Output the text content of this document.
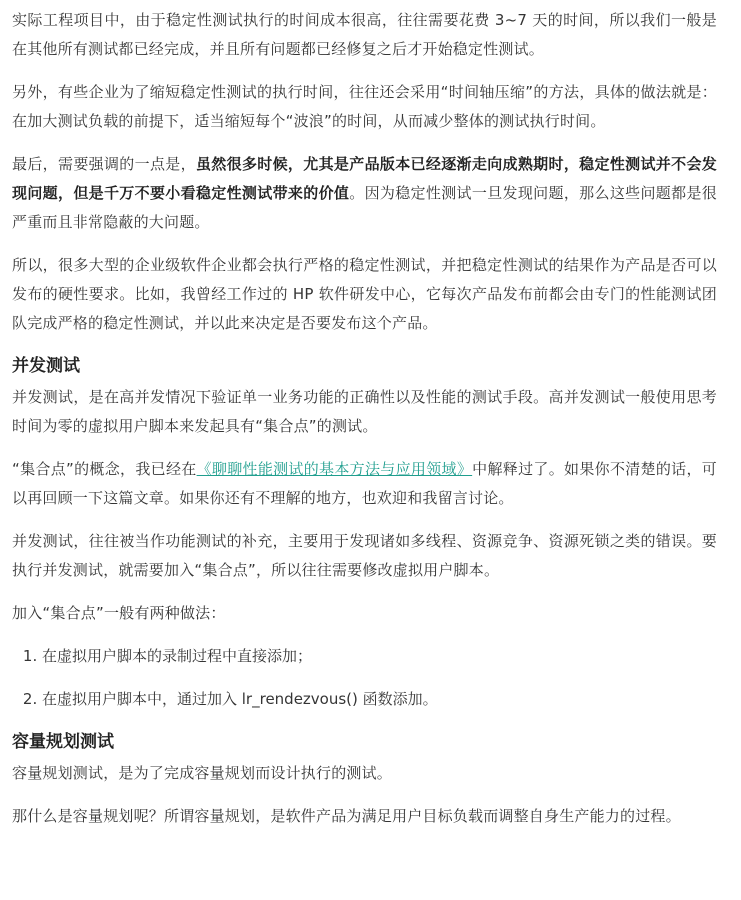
实际工程项目中，由于稳定性测试执行的时间成本很高，往往需要花费 3~7 天的时间，所以我们一般是在其他所有测试都已经完成，并且所有问题都已经修复之后才开始稳定性测试。

另外，有些企业为了缩短稳定性测试的执行时间，往往还会采用“时间轴压缩”的方法，具体的做法就是：在加大测试负载的前提下，适当缩短每个“波浪”的时间，从而减少整体的测试执行时间。

最后，需要强调的一点是，虽然很多时候，尤其是产品版本已经逐渐走向成熟期时，稳定性测试并不会发现问题，但是千万不要小看稳定性测试带来的价值。因为稳定性测试一旦发现问题，那么这些问题都是很严重而且非常隐蔽的大问题。

所以，很多大型的企业级软件企业都会执行严格的稳定性测试，并把稳定性测试的结果作为产品是否可以发布的硬性要求。比如，我曾经工作过的 HP 软件研发中心，它每次产品发布前都会由专门的性能测试团队完成严格的稳定性测试，并以此来决定是否要发布这个产品。

并发测试

并发测试，是在高并发情况下验证单一业务功能的正确性以及性能的测试手段。高并发测试一般使用思考时间为零的虚拟用户脚本来发起具有“集合点”的测试。

“集合点”的概念，我已经在《聊聊性能测试的基本方法与应用领域》中解释过了。如果你不清楚的话，可以再回顾一下这篇文章。如果你还有不理解的地方，也欢迎和我留言讨论。

并发测试，往往被当作功能测试的补充，主要用于发现诸如多线程、资源竞争、资源死锁之类的错误。要执行并发测试，就需要加入“集合点”，所以往往需要修改虚拟用户脚本。

加入“集合点”一般有两种做法：

1. 在虚拟用户脚本的录制过程中直接添加；
2. 在虚拟用户脚本中，通过加入 lr_rendezvous() 函数添加。
容量规划测试

容量规划测试，是为了完成容量规划而设计执行的测试。

那什么是容量规划呢？所谓容量规划，是软件产品为满足用户目标负载而调整自身生产能力的过程。
